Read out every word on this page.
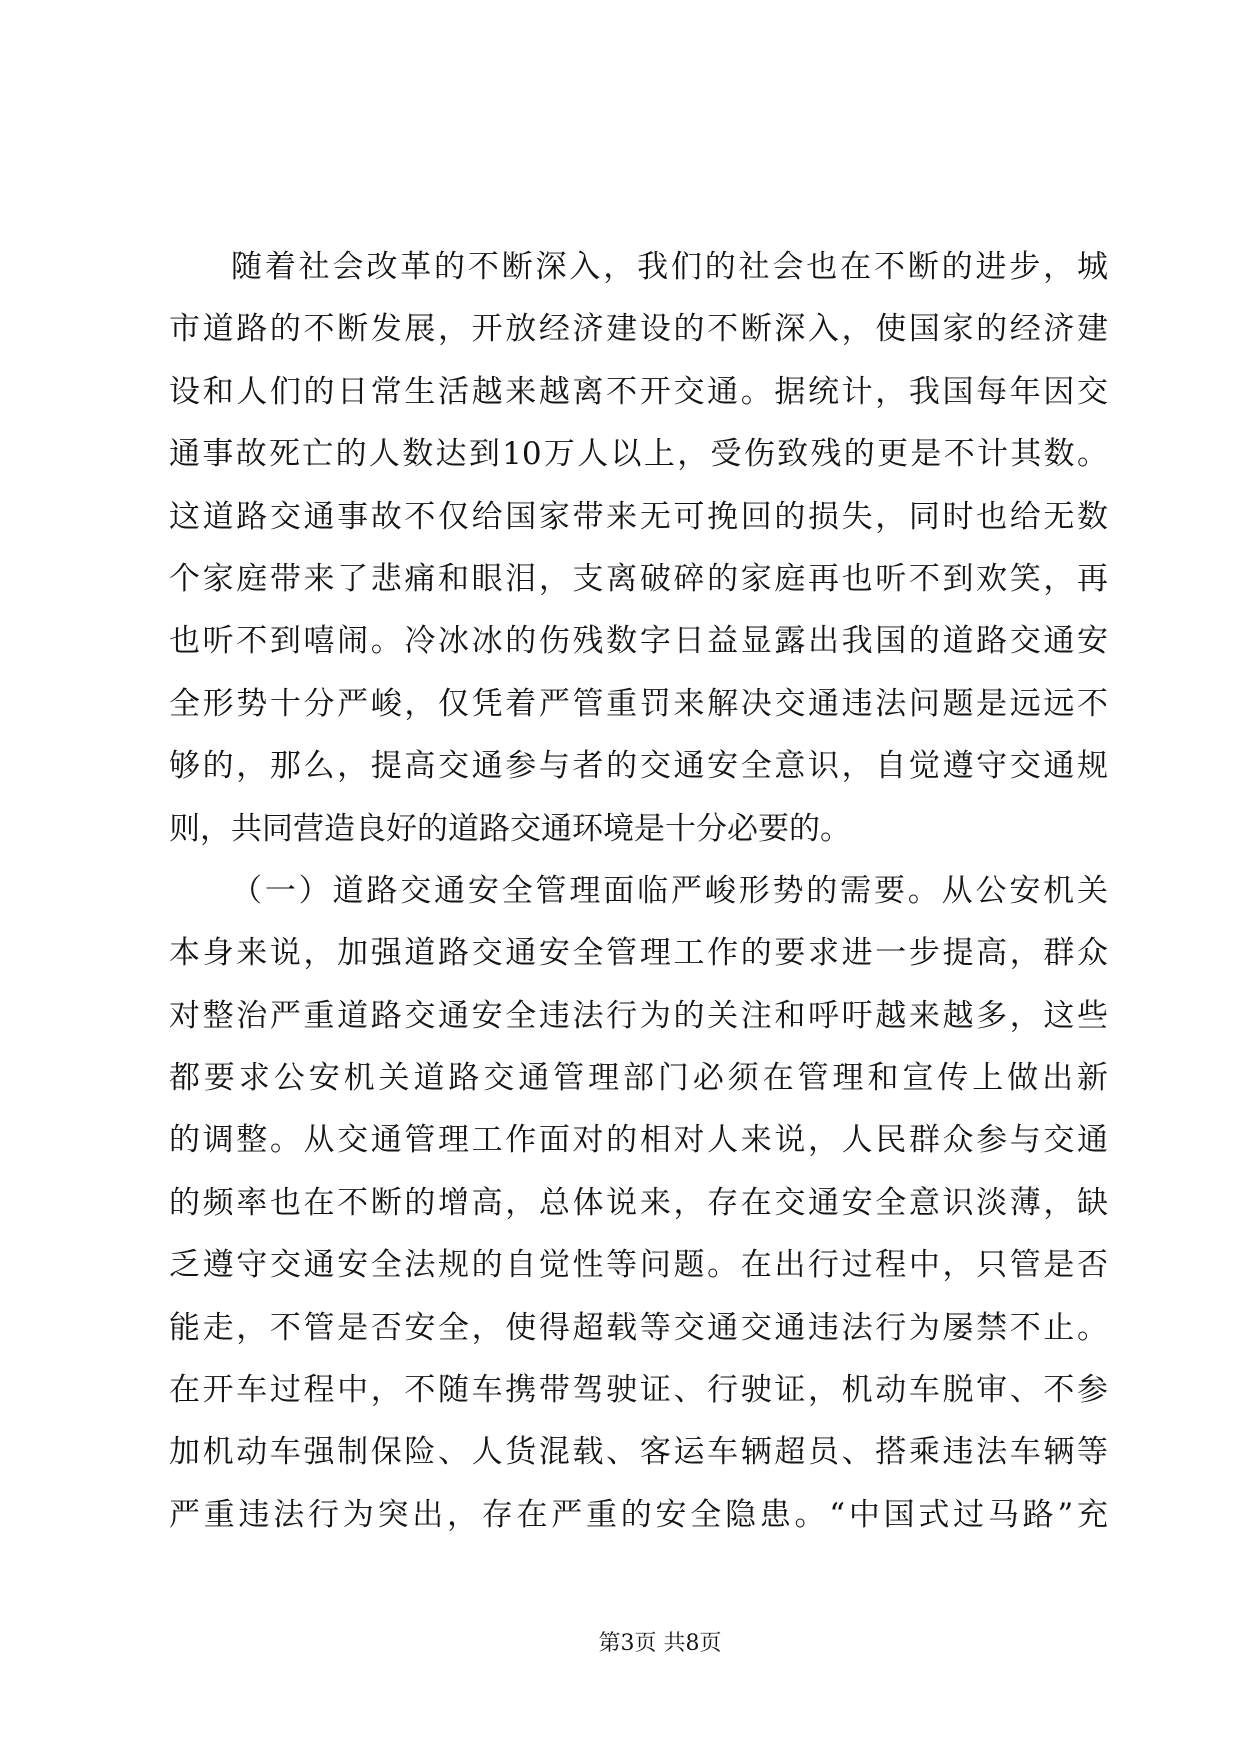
随着社会改革的不断深入，我们的社会也在不断的进步，城
市道路的不断发展，开放经济建设的不断深入，使国家的经济建
设和人们的日常生活越来越离不开交通。据统计，我国每年因交
通事故死亡的人数达到10万人以上，受伤致残的更是不计其数。
这道路交通事故不仅给国家带来无可挽回的损失，同时也给无数
个家庭带来了悲痛和眼泪，支离破碎的家庭再也听不到欢笑，再
也听不到嘻闹。冷冰冰的伤残数字日益显露出我国的道路交通安
全形势十分严峻，仅凭着严管重罚来解决交通违法问题是远远不
够的，那么，提高交通参与者的交通安全意识，自觉遵守交通规
则，共同营造良好的道路交通环境是十分必要的。
（一）道路交通安全管理面临严峻形势的需要。从公安机关
本身来说，加强道路交通安全管理工作的要求进一步提高，群众
对整治严重道路交通安全违法行为的关注和呼吁越来越多，这些
都要求公安机关道路交通管理部门必须在管理和宣传上做出新
的调整。从交通管理工作面对的相对人来说，人民群众参与交通
的频率也在不断的增高，总体说来，存在交通安全意识淡薄，缺
乏遵守交通安全法规的自觉性等问题。在出行过程中，只管是否
能走，不管是否安全，使得超载等交通交通违法行为屡禁不止。
在开车过程中，不随车携带驾驶证、行驶证，机动车脱审、不参
加机动车强制保险、人货混载、客运车辆超员、搭乘违法车辆等
严重违法行为突出，存在严重的安全隐患。“中国式过马路”充
第3页 共8页
